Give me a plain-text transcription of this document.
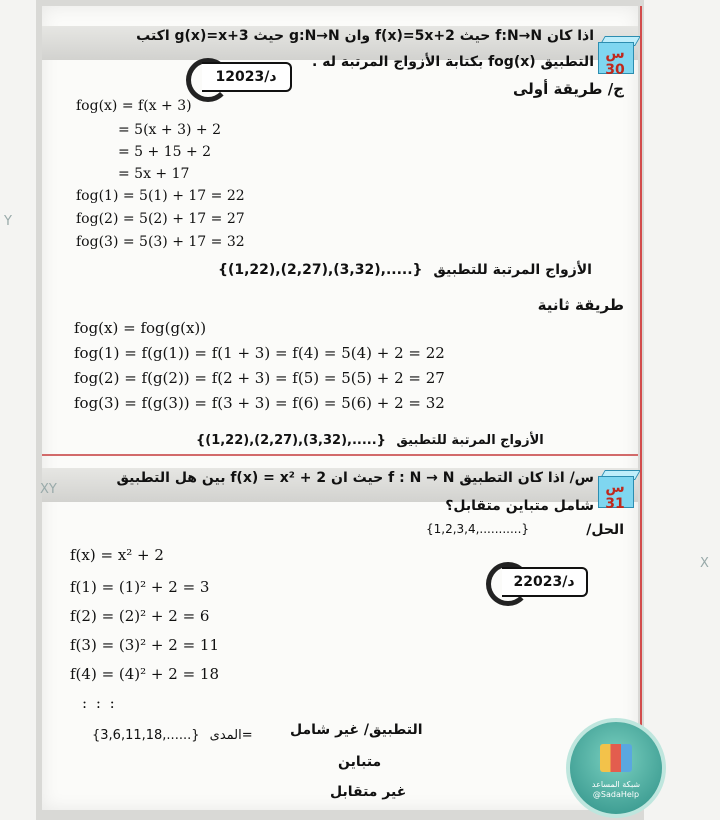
س 30
اذا كان f:N→N حيث f(x)=5x+2 وان g:N→N حيث g(x)=x+3 اكتب
التطبيق fog(x) بكتابة الأزواج المرتبة له .
1د/2023
ج/ طريقة أولى
fog(x) = f(x + 3)
= 5(x + 3) + 2
= 5 + 15 + 2
= 5x + 17
fog(1) = 5(1) + 17 = 22
fog(2) = 5(2) + 17 = 27
fog(3) = 5(3) + 17 = 32
{(1,22),(2,27),(3,32),.....} الأزواج المرتبة للتطبيق
طريقة ثانية
fog(x) = fog(g(x))
fog(1) = f(g(1)) = f(1 + 3) = f(4) = 5(4) + 2 = 22
fog(2) = f(g(2)) = f(2 + 3) = f(5) = 5(5) + 2 = 27
fog(3) = f(g(3)) = f(3 + 3) = f(6) = 5(6) + 2 = 32
{(1,22),(2,27),(3,32),.....} الأزواج المرتبة للتطبيق
س 31
س/ اذا كان التطبيق f : N → N حيث ان f(x) = x² + 2 بين هل التطبيق
شامل متباين متقابل؟
الحل/
{1,2,3,4,...........}
2د/2023
f(x) = x² + 2
f(1) = (1)² + 2 = 3
f(2) = (2)² + 2 = 6
f(3) = (3)² + 2 = 11
f(4) = (4)² + 2 = 18
: : :
{3,6,11,18,......} المدى=	التطبيق/ غير شامل
متباين
غير متقابل
Y
XY
X
شبكة المساعد @SadaHelp
